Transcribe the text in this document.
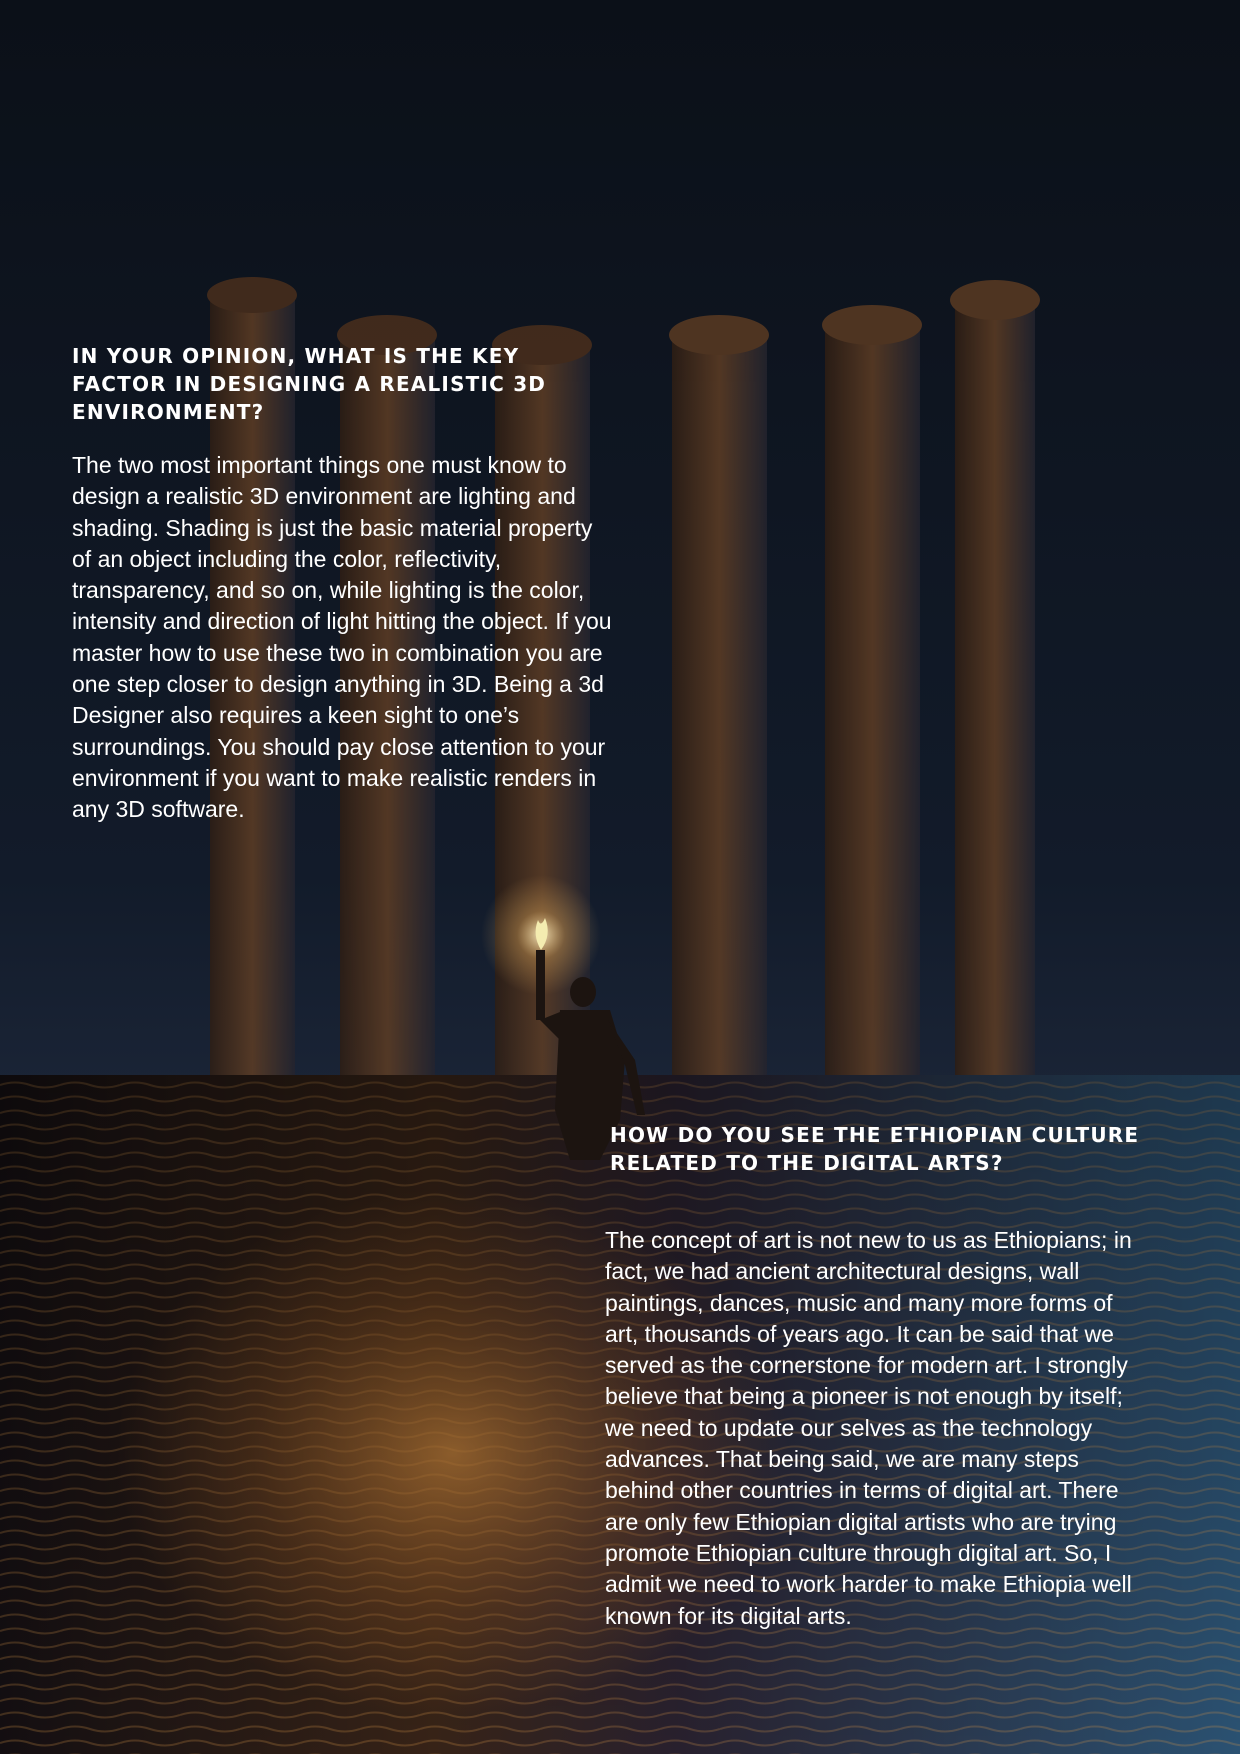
IN YOUR OPINION, WHAT IS THE KEY FACTOR IN DESIGNING A REALISTIC 3D ENVIRONMENT?

The two most important things one must know to design a realistic 3D environment are lighting and shading. Shading is just the basic material property of an object including the color, reflectivity, transparency, and so on, while lighting is the color, intensity and direction of light hitting the object. If you master how to use these two in combination you are one step closer to design anything in 3D. Being a 3d Designer also requires a keen sight to one’s surroundings. You should pay close attention to your environment if you want to make realistic renders in any 3D software.

HOW DO YOU SEE THE ETHIOPIAN CULTURE RELATED TO THE DIGITAL ARTS?

The concept of art is not new to us as Ethiopians; in fact, we had ancient architectural designs, wall paintings, dances, music and many more forms of art, thousands of years ago. It can be said that we served as the cornerstone for modern art. I strongly believe that being a pioneer is not enough by itself; we need to update our selves as the technology advances. That being said, we are many steps behind other countries in terms of digital art. There are only few Ethiopian digital artists who are trying promote Ethiopian culture through digital art. So, I admit we need to work harder to make Ethiopia well known for its digital arts.
